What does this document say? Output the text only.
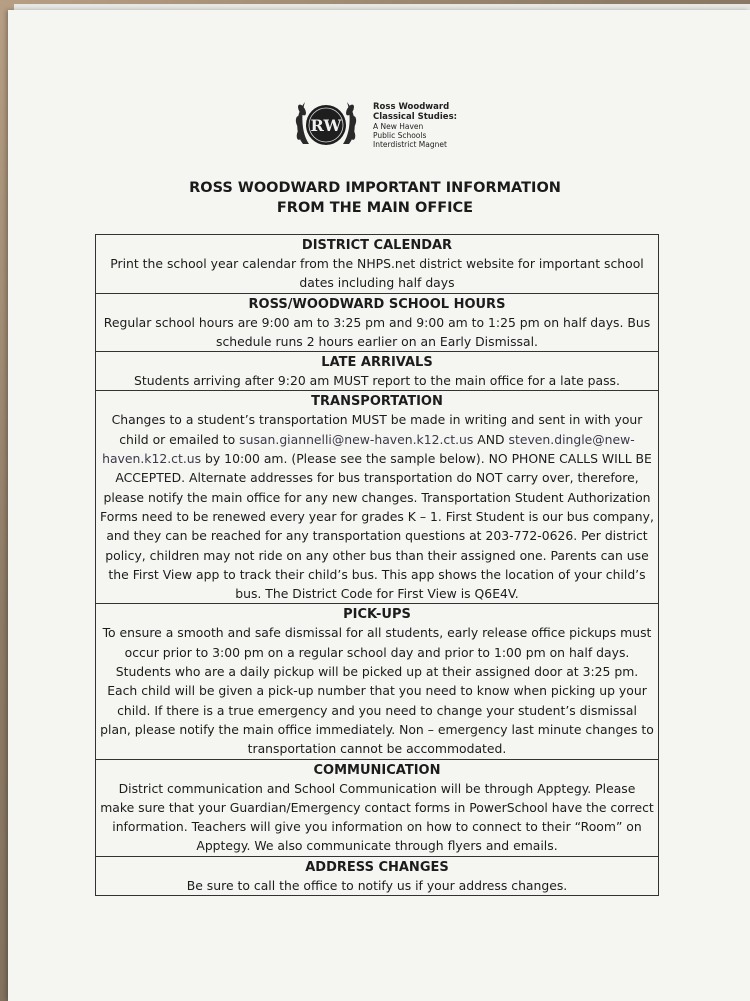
RW
Ross Woodward
Classical Studies:
A New Haven
Public Schools
Interdistrict Magnet
ROSS WOODWARD IMPORTANT INFORMATION
FROM THE MAIN OFFICE
DISTRICT CALENDAR
Print the school year calendar from the NHPS.net district website for important school dates including half days
ROSS/WOODWARD SCHOOL HOURS
Regular school hours are 9:00 am to 3:25 pm and 9:00 am to 1:25 pm on half days. Bus schedule runs 2 hours earlier on an Early Dismissal.
LATE ARRIVALS
Students arriving after 9:20 am MUST report to the main office for a late pass.
TRANSPORTATION
Changes to a student’s transportation MUST be made in writing and sent in with your child or emailed to susan.giannelli@new-haven.k12.ct.us AND steven.dingle@new-haven.k12.ct.us by 10:00 am. (Please see the sample below). NO PHONE CALLS WILL BE ACCEPTED. Alternate addresses for bus transportation do NOT carry over, therefore, please notify the main office for any new changes. Transportation Student Authorization Forms need to be renewed every year for grades K – 1. First Student is our bus company, and they can be reached for any transportation questions at 203-772-0626. Per district policy, children may not ride on any other bus than their assigned one. Parents can use the First View app to track their child’s bus. This app shows the location of your child’s bus. The District Code for First View is Q6E4V.
PICK-UPS
To ensure a smooth and safe dismissal for all students, early release office pickups must occur prior to 3:00 pm on a regular school day and prior to 1:00 pm on half days. Students who are a daily pickup will be picked up at their assigned door at 3:25 pm. Each child will be given a pick-up number that you need to know when picking up your child. If there is a true emergency and you need to change your student’s dismissal plan, please notify the main office immediately. Non – emergency last minute changes to transportation cannot be accommodated.
COMMUNICATION
District communication and School Communication will be through Apptegy. Please make sure that your Guardian/Emergency contact forms in PowerSchool have the correct information. Teachers will give you information on how to connect to their “Room” on Apptegy. We also communicate through flyers and emails.
ADDRESS CHANGES
Be sure to call the office to notify us if your address changes.
